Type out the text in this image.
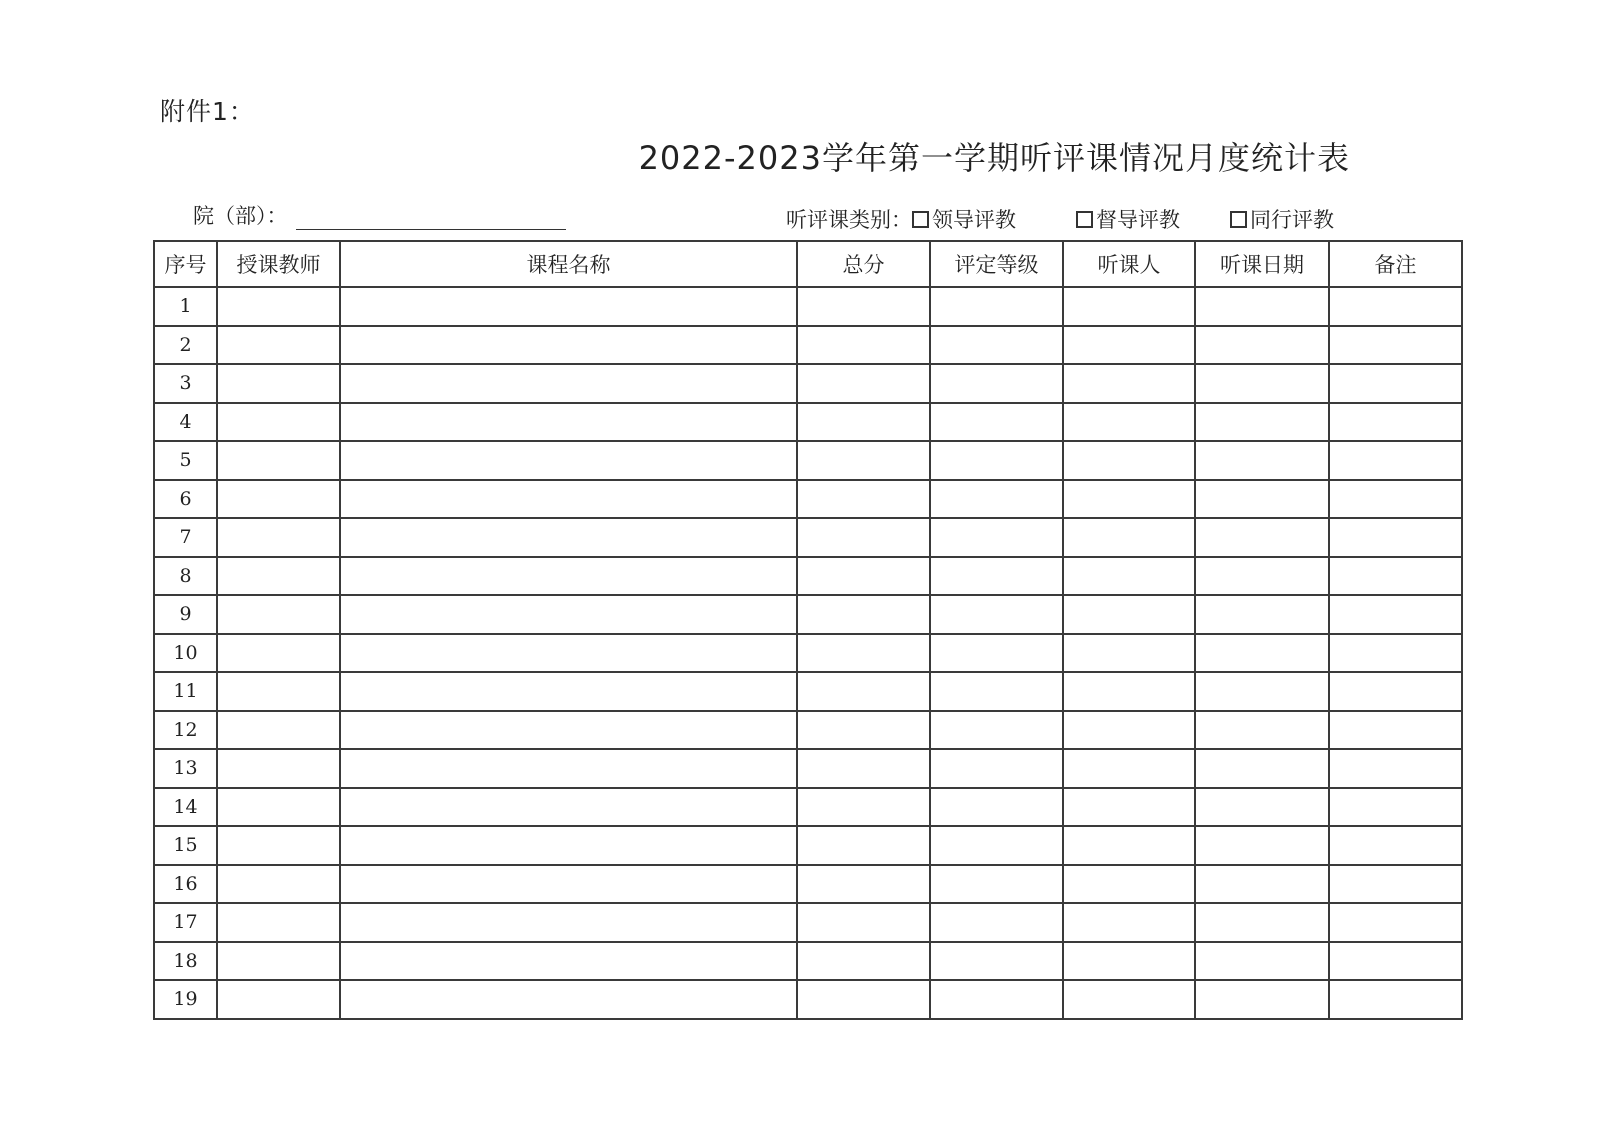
附件1：
2022-2023学年第一学期听评课情况月度统计表
院（部）：	听评课类别： 领导评教	督导评教	同行评教
序号	授课教师	课程名称	总分	评定等级	听课人	听课日期	备注
1							
2							
3							
4							
5							
6							
7							
8							
9							
10							
11							
12							
13							
14							
15							
16							
17							
18							
19							
